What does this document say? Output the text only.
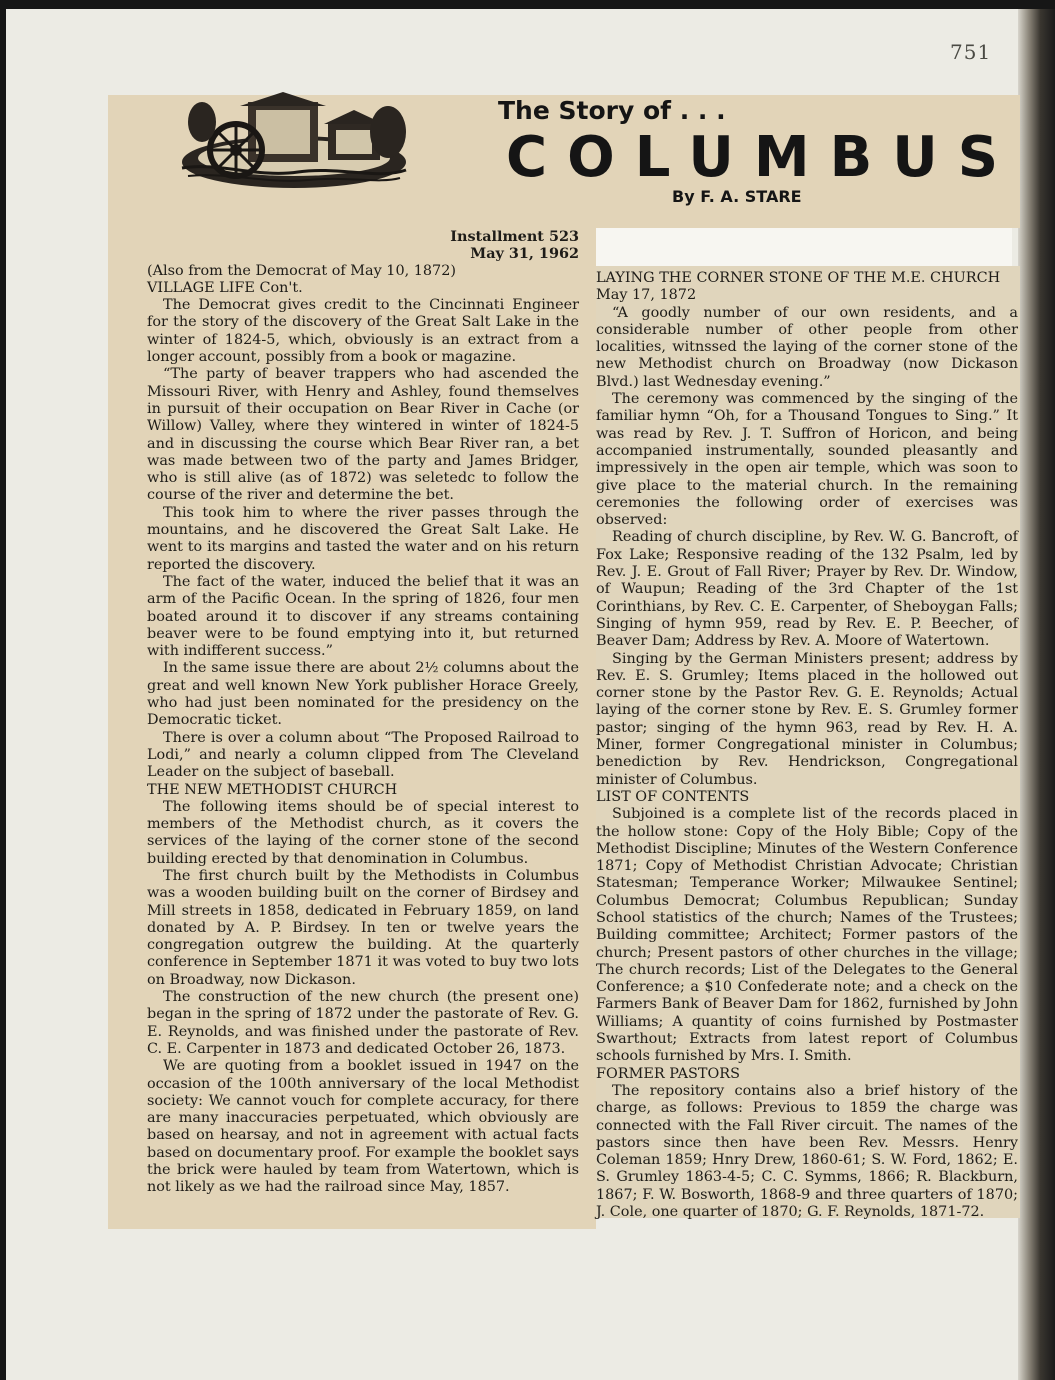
751
The Story of . . .
COLUMBUS
By F. A. STARE

Installment 523

May 31, 1962

(Also from the Democrat of May 10, 1872)

VILLAGE LIFE Con't.

The Democrat gives credit to the Cincinnati Engineer for the story of the discovery of the Great Salt Lake in the winter of 1824-5, which, obviously is an extract from a longer account, possibly from a book or magazine.

“The party of beaver trappers who had ascended the Missouri River, with Henry and Ashley, found themselves in pursuit of their occupation on Bear River in Cache (or Willow) Valley, where they wintered in winter of 1824-5 and in discussing the course which Bear River ran, a bet was made between two of the party and James Bridger, who is still alive (as of 1872) was seletedc to follow the course of the river and determine the bet.

This took him to where the river passes through the mountains, and he discovered the Great Salt Lake. He went to its margins and tasted the water and on his return reported the discovery.

The fact of the water, induced the belief that it was an arm of the Pacific Ocean. In the spring of 1826, four men boated around it to discover if any streams containing beaver were to be found emptying into it, but returned with indifferent success.”

In the same issue there are about 2½ columns about the great and well known New York publisher Horace Greely, who had just been nominated for the presidency on the Democratic ticket.

There is over a column about “The Proposed Railroad to Lodi,” and nearly a column clipped from The Cleveland Leader on the subject of baseball.

THE NEW METHODIST CHURCH

The following items should be of special interest to members of the Methodist church, as it covers the services of the laying of the corner stone of the second building erected by that denomination in Columbus.

The first church built by the Methodists in Columbus was a wooden building built on the corner of Birdsey and Mill streets in 1858, dedicated in February 1859, on land donated by A. P. Birdsey. In ten or twelve years the congregation outgrew the building. At the quarterly conference in September 1871 it was voted to buy two lots on Broadway, now Dickason.

The construction of the new church (the present one) began in the spring of 1872 under the pastorate of Rev. G. E. Reynolds, and was finished under the pastorate of Rev. C. E. Carpenter in 1873 and dedicated October 26, 1873.

We are quoting from a booklet issued in 1947 on the occasion of the 100th anniversary of the local Methodist society: We cannot vouch for complete accuracy, for there are many inaccuracies perpetuated, which obviously are based on hearsay, and not in agreement with actual facts based on documentary proof. For example the booklet says the brick were hauled by team from Watertown, which is not likely as we had the railroad since May, 1857.

LAYING THE CORNER STONE OF THE M.E. CHURCH

May 17, 1872

“A goodly number of our own residents, and a considerable number of other people from other localities, witnssed the laying of the corner stone of the new Methodist church on Broadway (now Dickason Blvd.) last Wednesday evening.”

The ceremony was commenced by the singing of the familiar hymn “Oh, for a Thousand Tongues to Sing.” It was read by Rev. J. T. Suffron of Horicon, and being accompanied instrumentally, sounded pleasantly and impressively in the open air temple, which was soon to give place to the material church. In the remaining ceremonies the following order of exercises was observed:

Reading of church discipline, by Rev. W. G. Bancroft, of Fox Lake; Responsive reading of the 132 Psalm, led by Rev. J. E. Grout of Fall River; Prayer by Rev. Dr. Window, of Waupun; Reading of the 3rd Chapter of the 1st Corinthians, by Rev. C. E. Carpenter, of Sheboygan Falls; Singing of hymn 959, read by Rev. E. P. Beecher, of Beaver Dam; Address by Rev. A. Moore of Watertown.

Singing by the German Ministers present; address by Rev. E. S. Grumley; Items placed in the hollowed out corner stone by the Pastor Rev. G. E. Reynolds; Actual laying of the corner stone by Rev. E. S. Grumley former pastor; singing of the hymn 963, read by Rev. H. A. Miner, former Congregational minister in Columbus; benediction by Rev. Hendrickson, Congregational minister of Columbus.

LIST OF CONTENTS

Subjoined is a complete list of the records placed in the hollow stone: Copy of the Holy Bible; Copy of the Methodist Discipline; Minutes of the Western Conference 1871; Copy of Methodist Christian Advocate; Christian Statesman; Temperance Worker; Milwaukee Sentinel; Columbus Democrat; Columbus Republican; Sunday School statistics of the church; Names of the Trustees; Building committee; Architect; Former pastors of the church; Present pastors of other churches in the village; The church records; List of the Delegates to the General Conference; a $10 Confederate note; and a check on the Farmers Bank of Beaver Dam for 1862, furnished by John Williams; A quantity of coins furnished by Postmaster Swarthout; Extracts from latest report of Columbus schools furnished by Mrs. I. Smith.

FORMER PASTORS

The repository contains also a brief history of the charge, as follows: Previous to 1859 the charge was connected with the Fall River circuit. The names of the pastors since then have been Rev. Messrs. Henry Coleman 1859; Hnry Drew, 1860-61; S. W. Ford, 1862; E. S. Grumley 1863-4-5; C. C. Symms, 1866; R. Blackburn, 1867; F. W. Bosworth, 1868-9 and three quarters of 1870; J. Cole, one quarter of 1870; G. F. Reynolds, 1871-72.
